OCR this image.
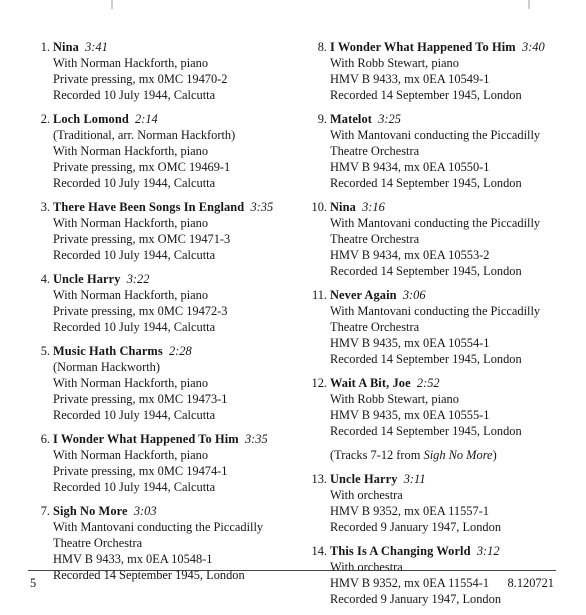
1. Nina 3:41
With Norman Hackforth, piano
Private pressing, mx 0MC 19470-2
Recorded 10 July 1944, Calcutta
2. Loch Lomond 2:14
(Traditional, arr. Norman Hackforth)
With Norman Hackforth, piano
Private pressing, mx OMC 19469-1
Recorded 10 July 1944, Calcutta
3. There Have Been Songs In England 3:35
With Norman Hackforth, piano
Private pressing, mx OMC 19471-3
Recorded 10 July 1944, Calcutta
4. Uncle Harry 3:22
With Norman Hackforth, piano
Private pressing, mx 0MC 19472-3
Recorded 10 July 1944, Calcutta
5. Music Hath Charms 2:28
(Norman Hackworth)
With Norman Hackforth, piano
Private pressing, mx 0MC 19473-1
Recorded 10 July 1944, Calcutta
6. I Wonder What Happened To Him 3:35
With Norman Hackforth, piano
Private pressing, mx 0MC 19474-1
Recorded 10 July 1944, Calcutta
7. Sigh No More 3:03
With Mantovani conducting the Piccadilly
Theatre Orchestra
HMV B 9433, mx 0EA 10548-1
Recorded 14 September 1945, London
8. I Wonder What Happened To Him 3:40
With Robb Stewart, piano
HMV B 9433, mx 0EA 10549-1
Recorded 14 September 1945, London
9. Matelot 3:25
With Mantovani conducting the Piccadilly
Theatre Orchestra
HMV B 9434, mx 0EA 10550-1
Recorded 14 September 1945, London
10. Nina 3:16
With Mantovani conducting the Piccadilly
Theatre Orchestra
HMV B 9434, mx 0EA 10553-2
Recorded 14 September 1945, London
11. Never Again 3:06
With Mantovani conducting the Piccadilly
Theatre Orchestra
HMV B 9435, mx 0EA 10554-1
Recorded 14 September 1945, London
12. Wait A Bit, Joe 2:52
With Robb Stewart, piano
HMV B 9435, mx 0EA 10555-1
Recorded 14 September 1945, London
(Tracks 7-12 from Sigh No More)
13. Uncle Harry 3:11
With orchestra
HMV B 9352, mx 0EA 11557-1
Recorded 9 January 1947, London
14. This Is A Changing World 3:12
With orchestra
HMV B 9352, mx 0EA 11554-1
Recorded 9 January 1947, London
5	8.120721
